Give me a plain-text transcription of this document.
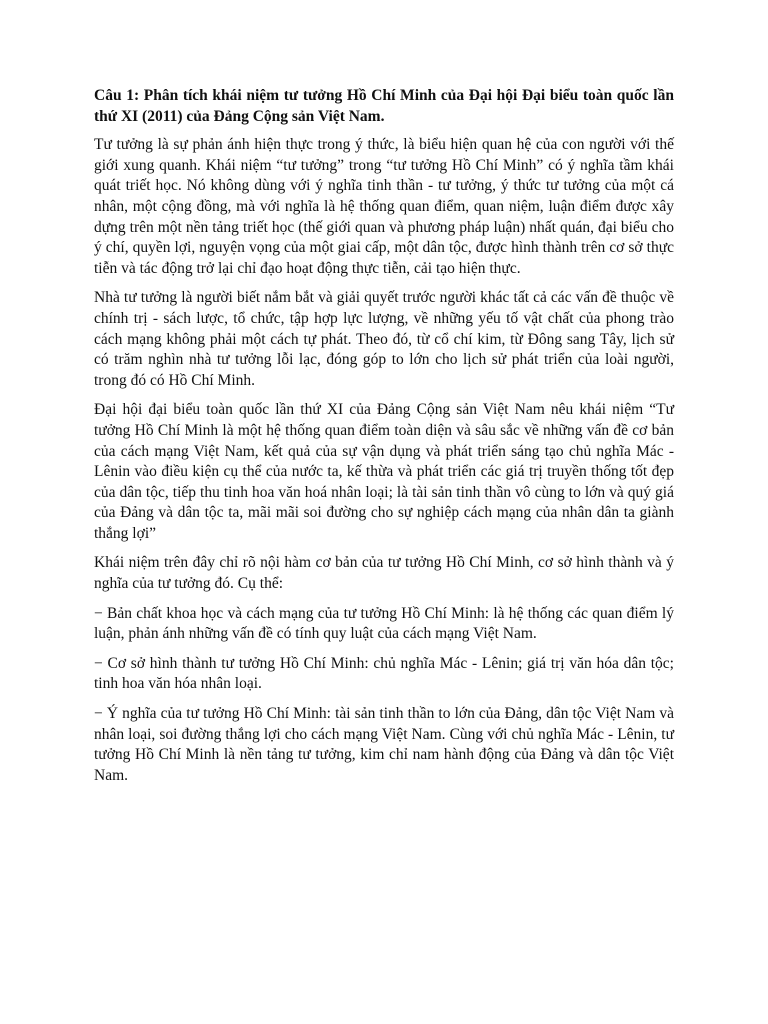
Câu 1: Phân tích khái niệm tư tưởng Hồ Chí Minh của Đại hội Đại biểu toàn quốc lần thứ XI (2011) của Đảng Cộng sản Việt Nam.

Tư tưởng là sự phản ánh hiện thực trong ý thức, là biểu hiện quan hệ của con người với thế giới xung quanh. Khái niệm “tư tưởng” trong “tư tưởng Hồ Chí Minh” có ý nghĩa tầm khái quát triết học. Nó không dùng với ý nghĩa tinh thần - tư tưởng, ý thức tư tưởng của một cá nhân, một cộng đồng, mà với nghĩa là hệ thống quan điểm, quan niệm, luận điểm được xây dựng trên một nền tảng triết học (thế giới quan và phương pháp luận) nhất quán, đại biểu cho ý chí, quyền lợi, nguyện vọng của một giai cấp, một dân tộc, được hình thành trên cơ sở thực tiễn và tác động trở lại chỉ đạo hoạt động thực tiễn, cải tạo hiện thực.

Nhà tư tưởng là người biết nắm bắt và giải quyết trước người khác tất cả các vấn đề thuộc về chính trị - sách lược, tổ chức, tập hợp lực lượng, về những yếu tố vật chất của phong trào cách mạng không phải một cách tự phát. Theo đó, từ cổ chí kim, từ Đông sang Tây, lịch sử có trăm nghìn nhà tư tưởng lỗi lạc, đóng góp to lớn cho lịch sử phát triển của loài người, trong đó có Hồ Chí Minh.

Đại hội đại biểu toàn quốc lần thứ XI của Đảng Cộng sản Việt Nam nêu khái niệm “Tư tưởng Hồ Chí Minh là một hệ thống quan điểm toàn diện và sâu sắc về những vấn đề cơ bản của cách mạng Việt Nam, kết quả của sự vận dụng và phát triển sáng tạo chủ nghĩa Mác - Lênin vào điều kiện cụ thể của nước ta, kế thừa và phát triển các giá trị truyền thống tốt đẹp của dân tộc, tiếp thu tinh hoa văn hoá nhân loại; là tài sản tinh thần vô cùng to lớn và quý giá của Đảng và dân tộc ta, mãi mãi soi đường cho sự nghiệp cách mạng của nhân dân ta giành thắng lợi”

Khái niệm trên đây chỉ rõ nội hàm cơ bản của tư tưởng Hồ Chí Minh, cơ sở hình thành và ý nghĩa của tư tưởng đó. Cụ thể:

− Bản chất khoa học và cách mạng của tư tưởng Hồ Chí Minh: là hệ thống các quan điểm lý luận, phản ánh những vấn đề có tính quy luật của cách mạng Việt Nam.

− Cơ sở hình thành tư tưởng Hồ Chí Minh: chủ nghĩa Mác - Lênin; giá trị văn hóa dân tộc; tinh hoa văn hóa nhân loại.

− Ý nghĩa của tư tưởng Hồ Chí Minh: tài sản tinh thần to lớn của Đảng, dân tộc Việt Nam và nhân loại, soi đường thắng lợi cho cách mạng Việt Nam. Cùng với chủ nghĩa Mác - Lênin, tư tưởng Hồ Chí Minh là nền tảng tư tưởng, kim chỉ nam hành động của Đảng và dân tộc Việt Nam.
